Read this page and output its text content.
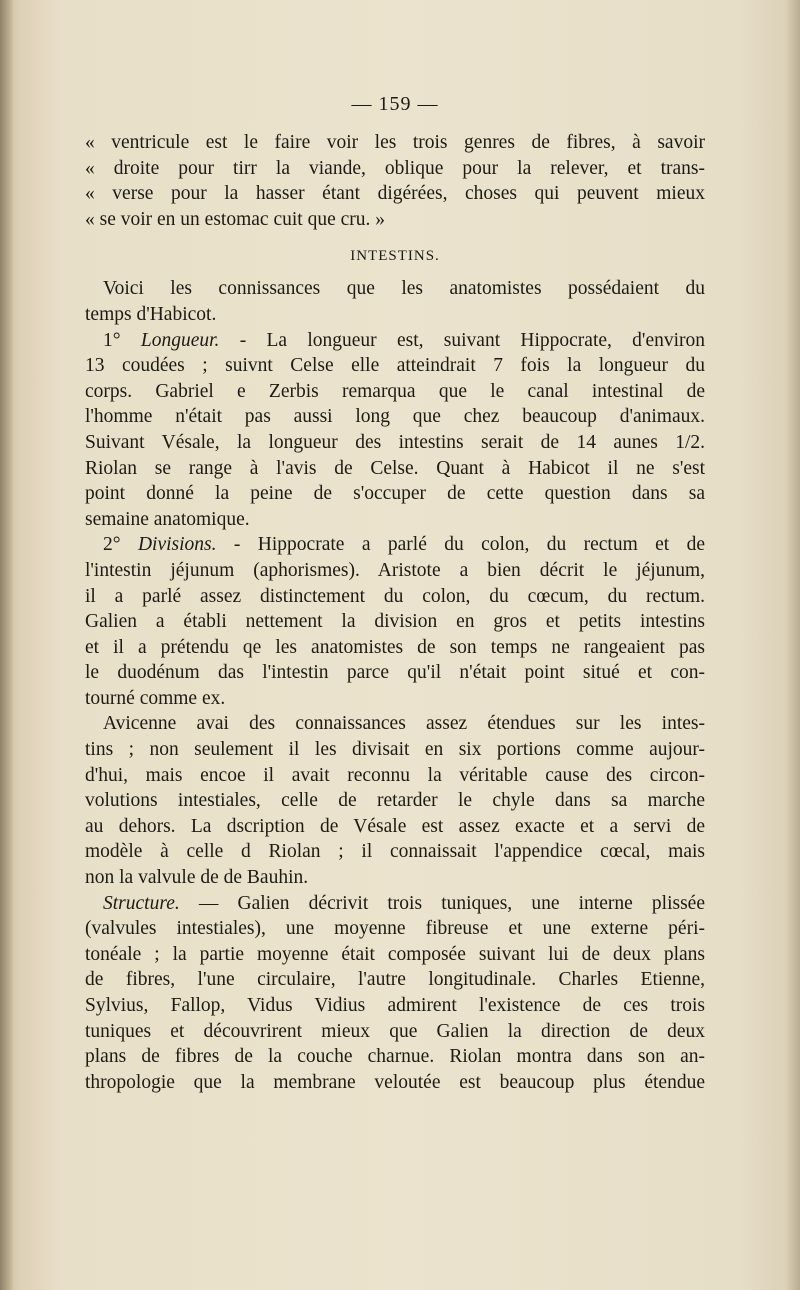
— 159 —
« ventricule est le faire voir les trois genres de fibres, à savoir
« droite pour tirr la viande, oblique pour la relever, et trans-
« verse pour la hasser étant digérées, choses qui peuvent mieux
« se voir en un estomac cuit que cru. »
INTESTINS.
Voici les connissances que les anatomistes possédaient du
temps d'Habicot.
1° Longueur. - La longueur est, suivant Hippocrate, d'environ
13 coudées ; suivnt Celse elle atteindrait 7 fois la longueur du
corps. Gabriel e Zerbis remarqua que le canal intestinal de
l'homme n'était pas aussi long que chez beaucoup d'animaux.
Suivant Vésale, la longueur des intestins serait de 14 aunes 1/2.
Riolan se range à l'avis de Celse. Quant à Habicot il ne s'est
point donné la peine de s'occuper de cette question dans sa
semaine anatomique.
2° Divisions. - Hippocrate a parlé du colon, du rectum et de
l'intestin jéjunum (aphorismes). Aristote a bien décrit le jéjunum,
il a parlé assez distinctement du colon, du cœcum, du rectum.
Galien a établi nettement la division en gros et petits intestins
et il a prétendu qe les anatomistes de son temps ne rangeaient pas
le duodénum das l'intestin parce qu'il n'était point situé et con-
tourné comme ex.
Avicenne avai des connaissances assez étendues sur les intes-
tins ; non seulement il les divisait en six portions comme aujour-
d'hui, mais encoe il avait reconnu la véritable cause des circon-
volutions intestiales, celle de retarder le chyle dans sa marche
au dehors. La dscription de Vésale est assez exacte et a servi de
modèle à celle d Riolan ; il connaissait l'appendice cœcal, mais
non la valvule de de Bauhin.
Structure. — Galien décrivit trois tuniques, une interne plissée
(valvules intestiales), une moyenne fibreuse et une externe péri-
tonéale ; la partie moyenne était composée suivant lui de deux plans
de fibres, l'une circulaire, l'autre longitudinale. Charles Etienne,
Sylvius, Fallop, Vidus Vidius admirent l'existence de ces trois
tuniques et découvrirent mieux que Galien la direction de deux
plans de fibres de la couche charnue. Riolan montra dans son an-
thropologie que la membrane veloutée est beaucoup plus étendue
